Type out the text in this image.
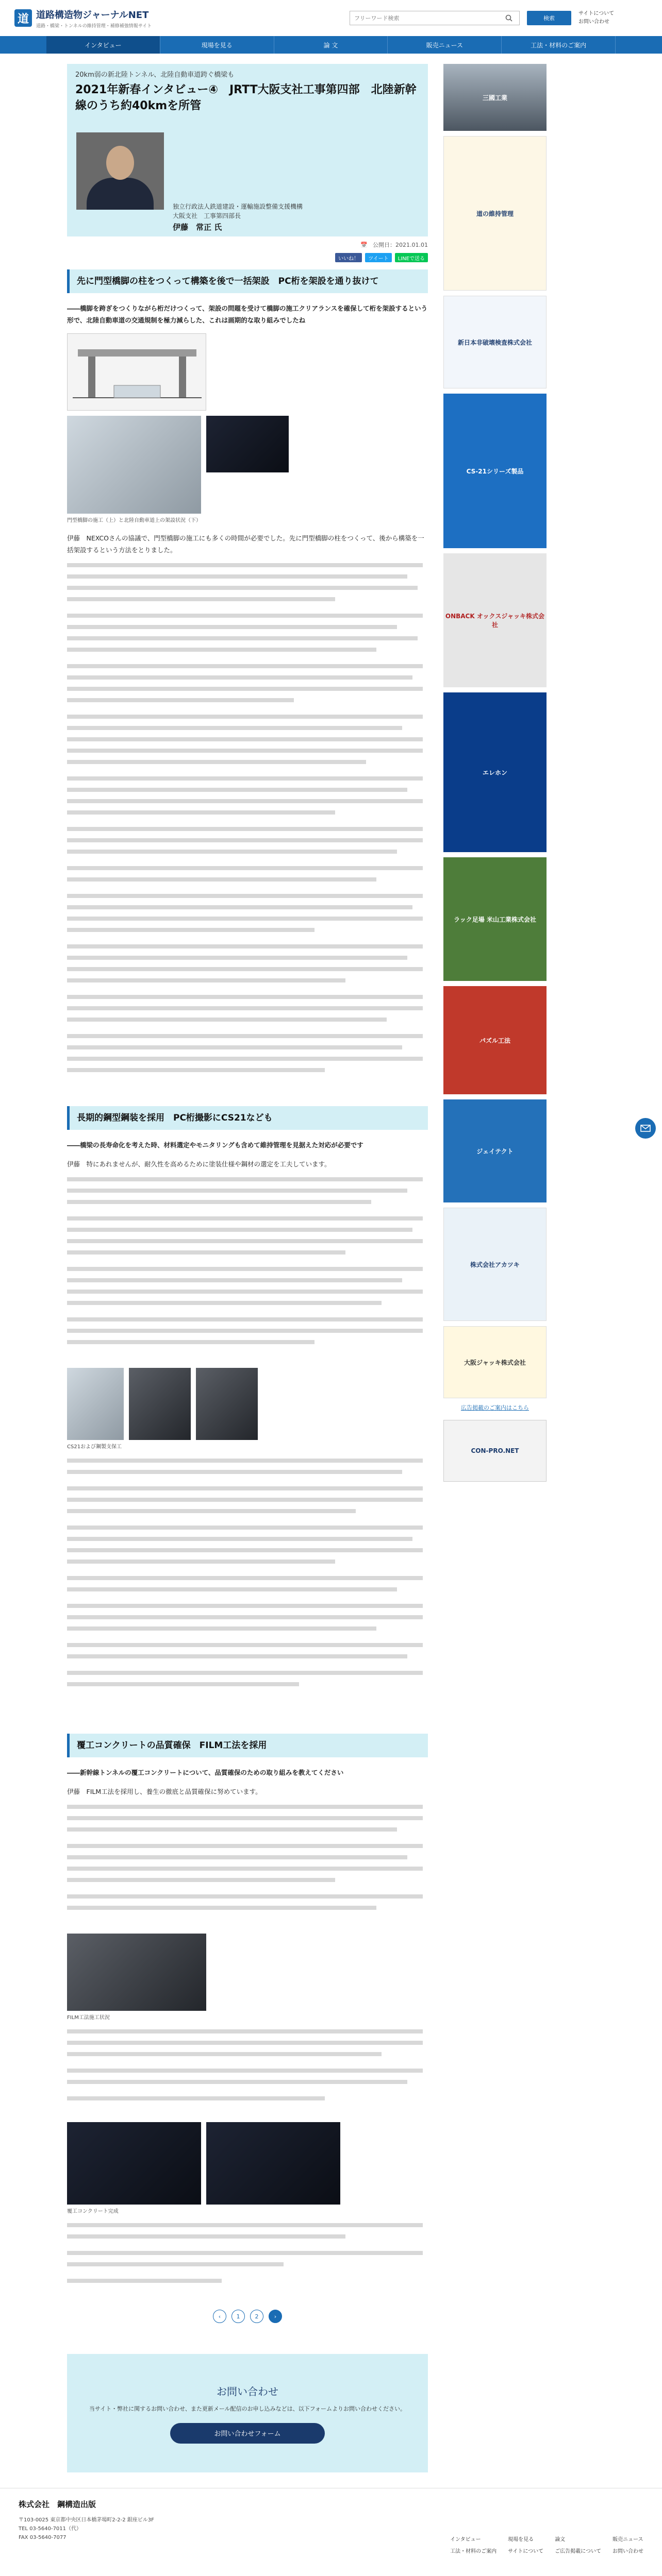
道 道路構造物ジャーナルNET
道路・橋梁・トンネルの維持管理・補修補強情報サイト
フリーワード検索
検索
サイトについて
お問い合わせ
インタビュー	現場を見る	論 文	販売ニュース	工法・材料のご案内
20km弱の新北陸トンネル、北陸自動車道跨ぐ橋梁も
2021年新春インタビュー④　JRTT大阪支社工事第四部　北陸新幹線のうち約40kmを所管
独立行政法人鉄道建設・運輸施設整備支援機構
大阪支社　工事第四部長
伊藤　常正 氏
📅 公開日：2021.01.01
いいね！	ツイート	LINEで送る
先に門型橋脚の柱をつくって構築を後で一括架設　PC桁を架設を通り抜けて

――橋脚を跨ぎをつくりながら桁だけつくって、架設の問題を受けて橋脚の施工クリアランスを確保して桁を架設するという形で、北陸自動車道の交通規制を極力減らした、これは画期的な取り組みでしたね

門型橋脚の施工（上）と北陸自動車道上の架設状況（下）

伊藤　NEXCOさんの協議で、門型橋脚の施工にも多くの時間が必要でした。先に門型橋脚の柱をつくって、後から構築を一括架設するという方法をとりました。

長期的鋼型鋼装を採用　PC桁撮影にCS21なども

――橋梁の長寿命化を考えた時、材料選定やモニタリングも含めて維持管理を見据えた対応が必要です

伊藤　特にあれませんが、耐久性を高めるために塗装仕様や鋼材の選定を工夫しています。

CS21および鋼製支保工
覆工コンクリートの品質確保　FILM工法を採用

――新幹線トンネルの覆工コンクリートについて、品質確保のための取り組みを教えてください

伊藤　FILM工法を採用し、養生の徹底と品質確保に努めています。

FILM工法施工状況
覆工コンクリート完成
‹	1	2	›
三國工業
道の維持管理
新日本非破壊検査株式会社
CS-21シリーズ製品
ONBACK オックスジャッキ株式会社
エレホン
ラック足場 米山工業株式会社
パズル工法
ジェイテクト
株式会社アカツキ
大阪ジャッキ株式会社
広告掲載のご案内はこちら
CON-PRO.NET
お問い合わせ

当サイト・弊社に関するお問い合わせ、また更新メール配信のお申し込みなどは、以下フォームよりお問い合わせください。

お問い合わせフォーム
株式会社　鋼構造出版
〒103-0025 東京都中央区日本橋茅場町2-2-2 銀座ビル3F
TEL 03-5640-7011（代）
FAX 03-5640-7077	インタビュー	現場を見る	論文	販売ニュース
工法・材料のご案内 サイトについて ご広告掲載について お問い合わせ
